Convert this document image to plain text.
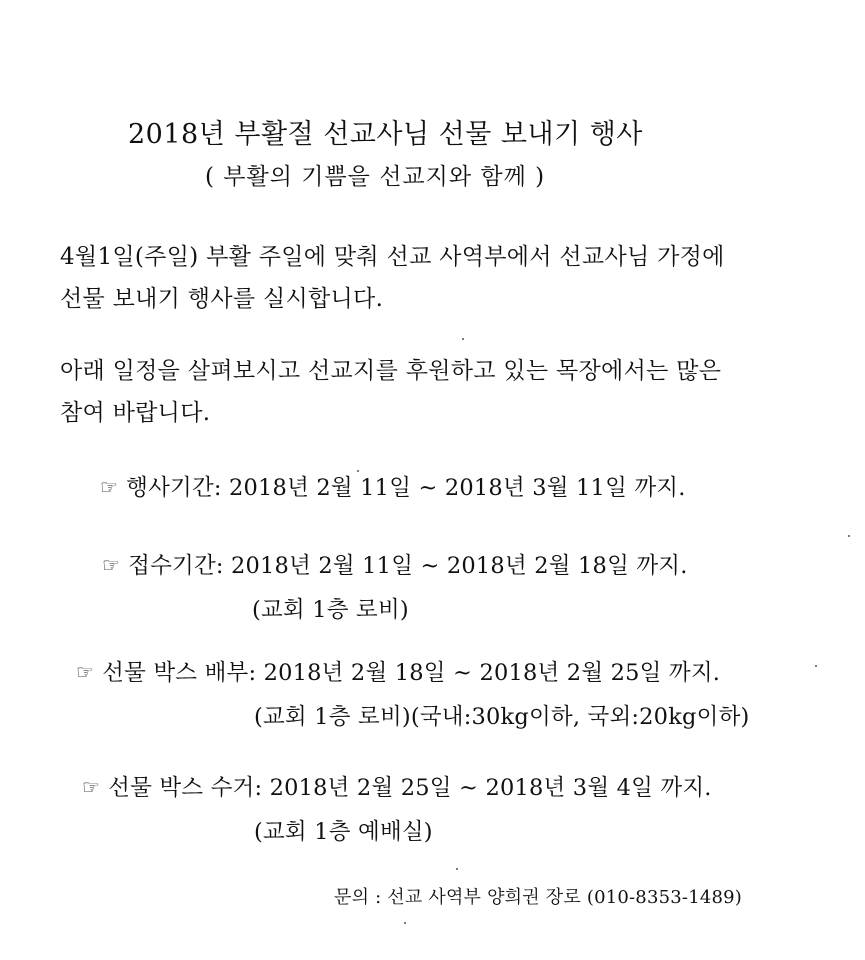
2018년 부활절 선교사님 선물 보내기 행사
( 부활의 기쁨을 선교지와 함께 )
4월1일(주일) 부활 주일에 맞춰 선교 사역부에서 선교사님 가정에
선물 보내기 행사를 실시합니다.
아래 일정을 살펴보시고 선교지를 후원하고 있는 목장에서는 많은
참여 바랍니다.
☞ 행사기간: 2018년 2월 11일 ~ 2018년 3월 11일 까지.
☞ 접수기간: 2018년 2월 11일 ~ 2018년 2월 18일 까지.
(교회 1층 로비)
☞ 선물 박스 배부: 2018년 2월 18일 ~ 2018년 2월 25일 까지.
(교회 1층 로비)(국내:30kg이하, 국외:20kg이하)
☞ 선물 박스 수거: 2018년 2월 25일 ~ 2018년 3월 4일 까지.
(교회 1층 예배실)
문의 : 선교 사역부 양희권 장로 (010-8353-1489)
